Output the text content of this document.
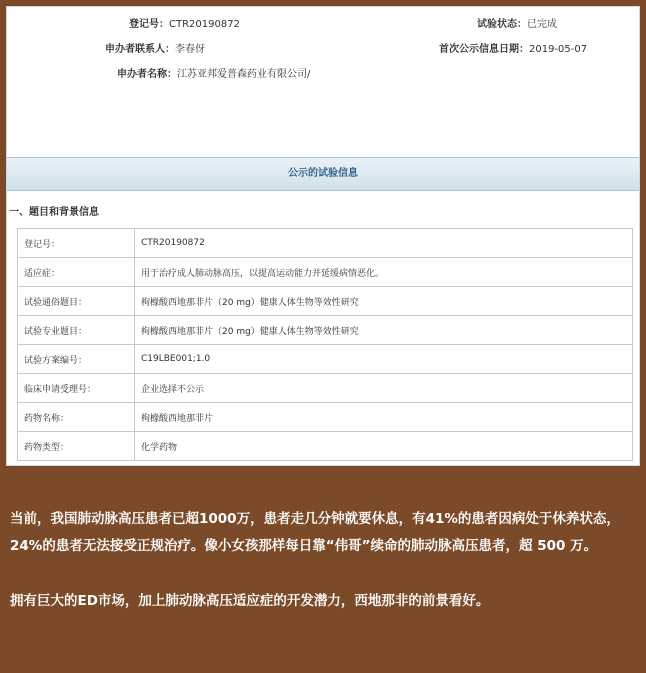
登记号：CTR20190872	试验状态：已完成
申办者联系人：李春伢	首次公示信息日期：2019-05-07
申办者名称：江苏亚邦爱普森药业有限公司/
公示的试验信息
一、题目和背景信息
登记号：	CTR20190872
适应症：	用于治疗成人肺动脉高压，以提高运动能力并延缓病情恶化。
试验通俗题目：	枸橼酸西地那非片（20 mg）健康人体生物等效性研究
试验专业题目：	枸橼酸西地那非片（20 mg）健康人体生物等效性研究
试验方案编号：	C19LBE001;1.0
临床申请受理号：	企业选择不公示
药物名称：	枸橼酸西地那非片
药物类型：	化学药物

当前，我国肺动脉高压患者已超1000万，患者走几分钟就要休息，有41%的患者因病处于休养状态，24%的患者无法接受正规治疗。像小女孩那样每日靠“伟哥”续命的肺动脉高压患者，超 500 万。

拥有巨大的ED市场，加上肺动脉高压适应症的开发潜力，西地那非的前景看好。
